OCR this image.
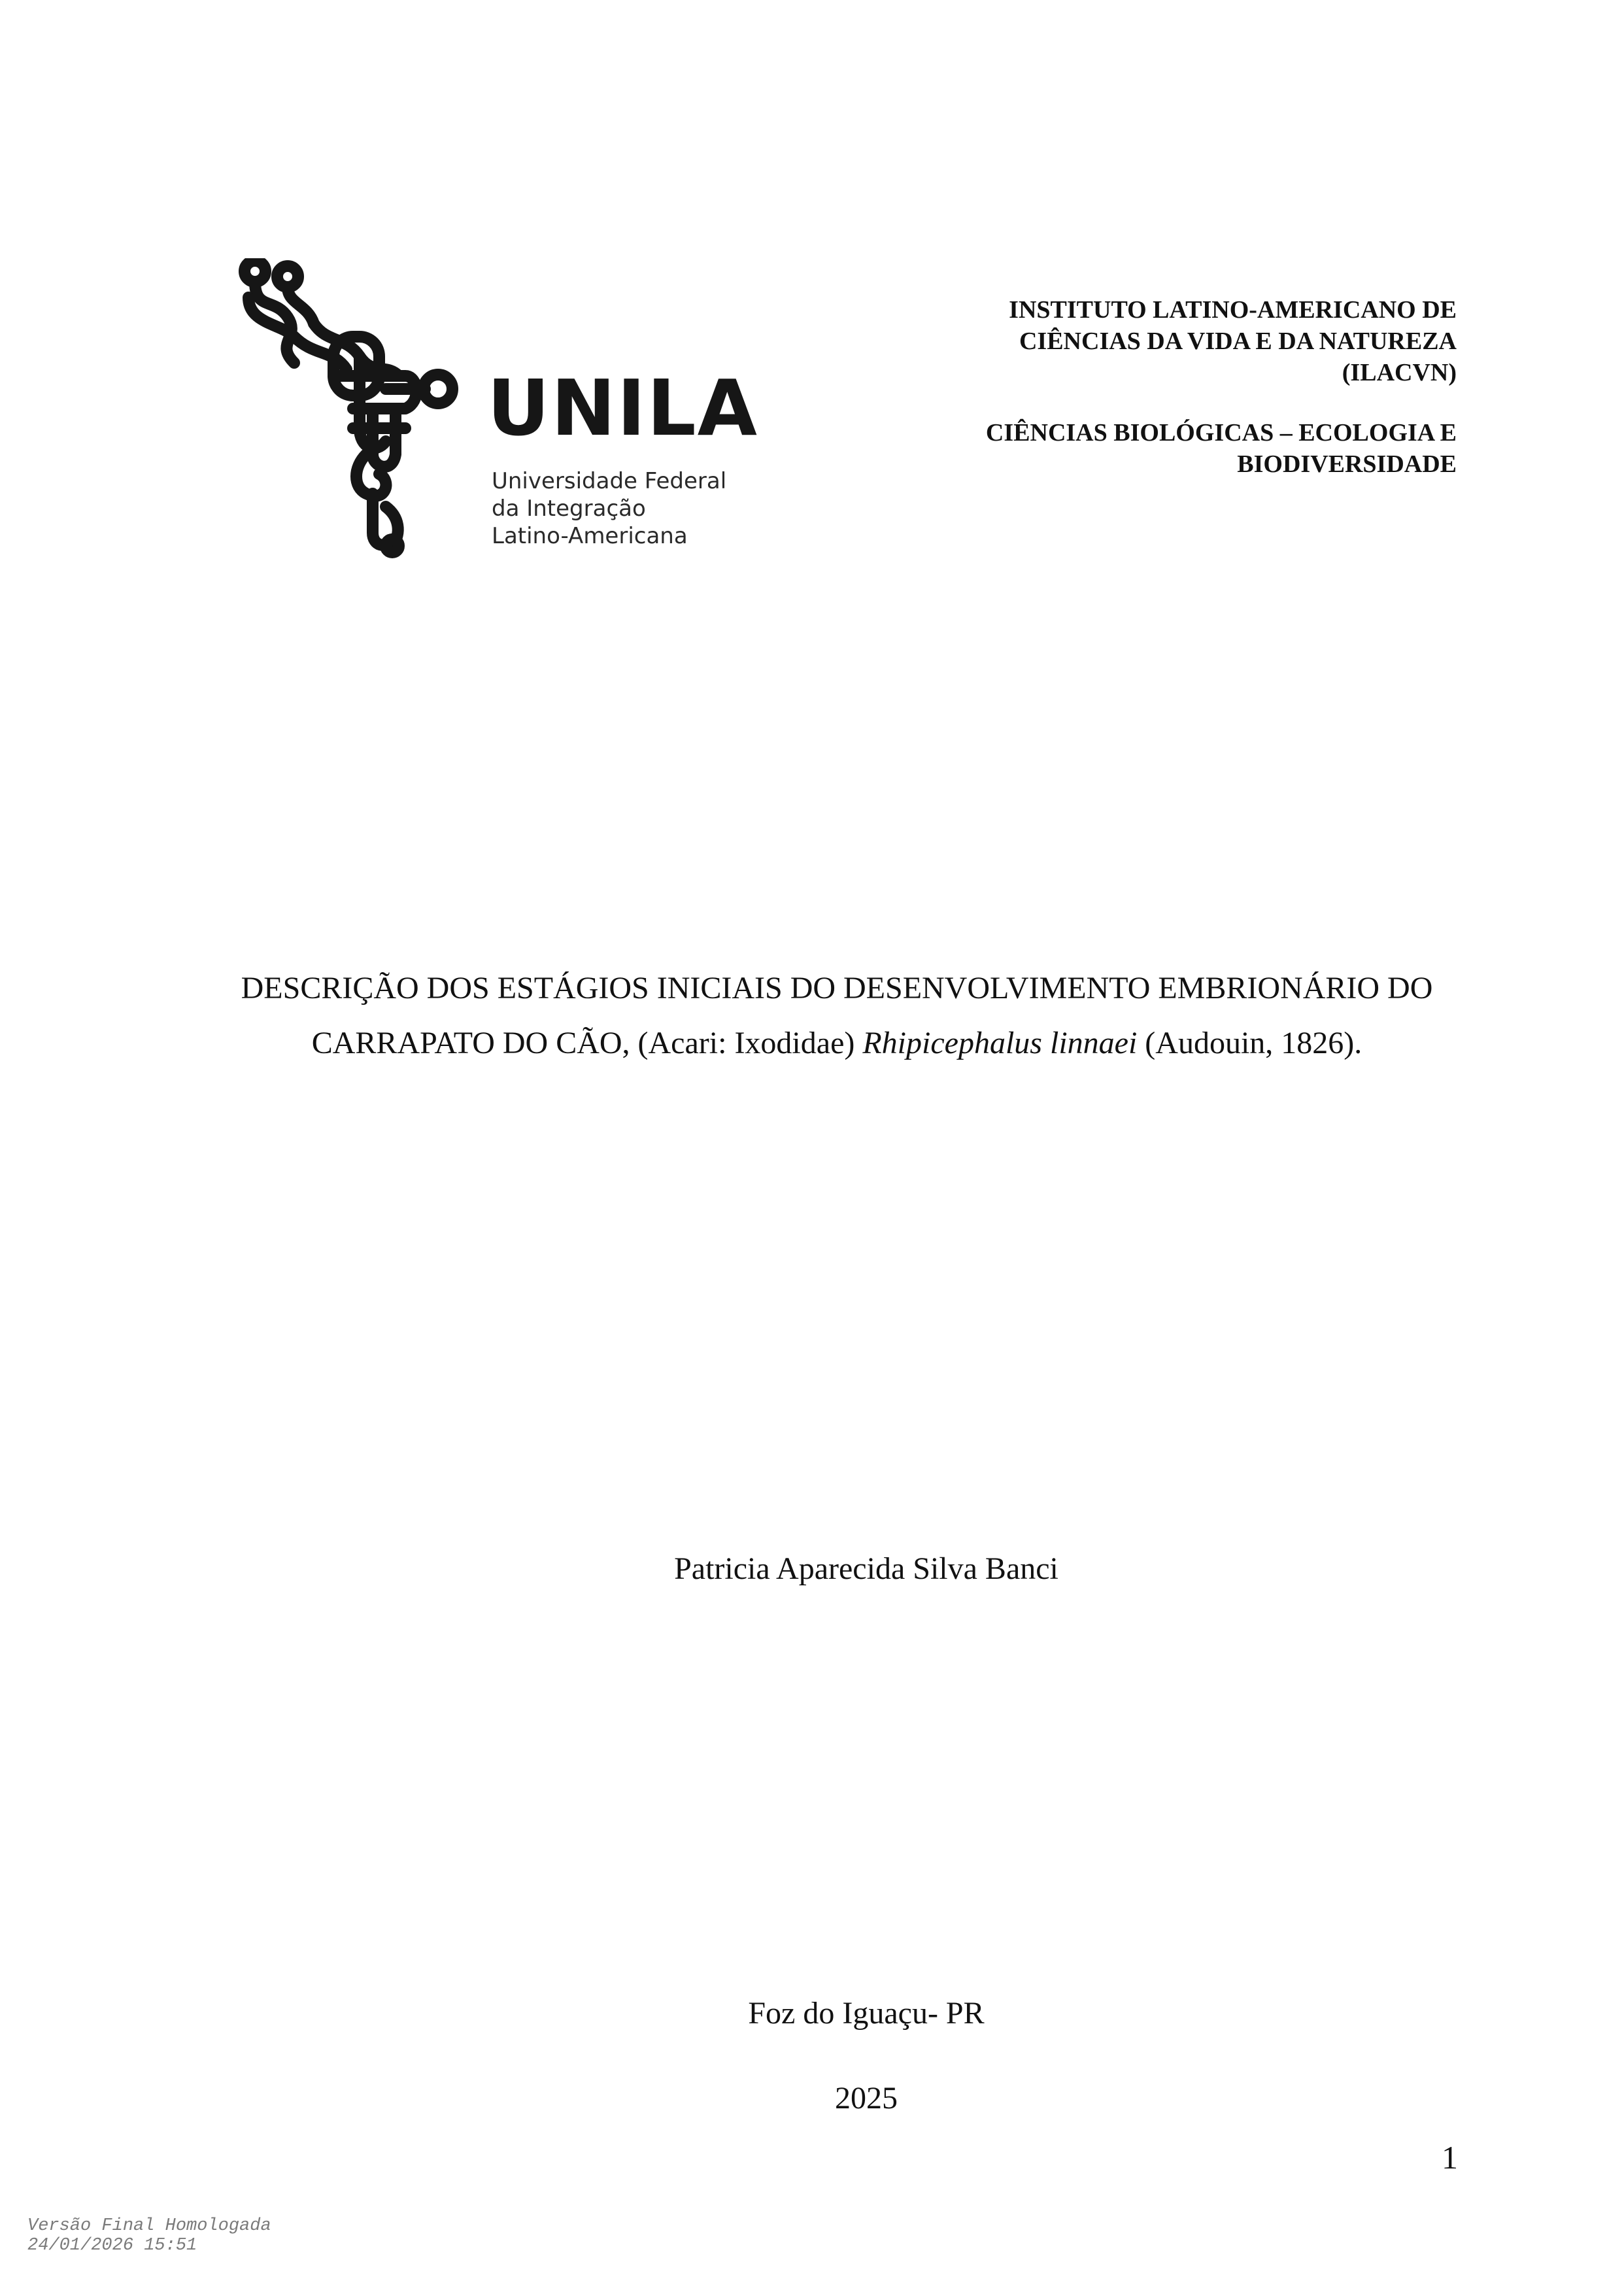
UNILA
Universidade Federal
da Integração
Latino-Americana
INSTITUTO LATINO-AMERICANO DE
CIÊNCIAS DA VIDA E DA NATUREZA
(ILACVN)
CIÊNCIAS BIOLÓGICAS – ECOLOGIA E
BIODIVERSIDADE
DESCRIÇÃO DOS ESTÁGIOS INICIAIS DO DESENVOLVIMENTO EMBRIONÁRIO DO
CARRAPATO DO CÃO, (Acari: Ixodidae) Rhipicephalus linnaei (Audouin, 1826).
Patricia Aparecida Silva Banci
Foz do Iguaçu- PR
2025
1
Versão Final Homologada
24/01/2026 15:51
